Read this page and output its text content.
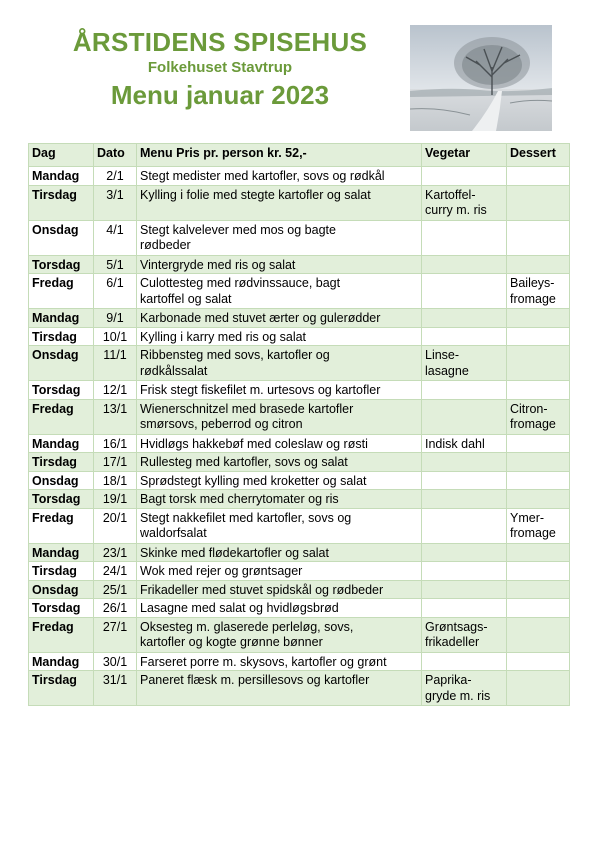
ÅRSTIDENS SPISEHUS
Folkehuset Stavtrup
Menu januar 2023
Dag	Dato	Menu Pris pr. person kr. 52,-	Vegetar	Dessert
Mandag	2/1	Stegt medister med kartofler, sovs og rødkål		
Tirsdag	3/1	Kylling i folie med stegte kartofler og salat	Kartoffel-
curry m. ris	
Onsdag	4/1	Stegt kalvelever med mos og bagte
rødbeder		
Torsdag	5/1	Vintergryde med ris og salat		
Fredag	6/1	Culottesteg med rødvinssauce, bagt
kartoffel og salat		Baileys-
fromage
Mandag	9/1	Karbonade med stuvet ærter og gulerødder		
Tirsdag	10/1	Kylling i karry med ris og salat		
Onsdag	11/1	Ribbensteg med sovs, kartofler og
rødkålssalat	Linse-
lasagne	
Torsdag	12/1	Frisk stegt fiskefilet m. urtesovs og kartofler		
Fredag	13/1	Wienerschnitzel med brasede kartofler
smørsovs, peberrod og citron		Citron-
fromage
Mandag	16/1	Hvidløgs hakkebøf med coleslaw og røsti	Indisk dahl	
Tirsdag	17/1	Rullesteg med kartofler, sovs og salat		
Onsdag	18/1	Sprødstegt kylling med kroketter og salat		
Torsdag	19/1	Bagt torsk med cherrytomater og ris		
Fredag	20/1	Stegt nakkefilet med kartofler, sovs og
waldorfsalat		Ymer-
fromage
Mandag	23/1	Skinke med flødekartofler og salat		
Tirsdag	24/1	Wok med rejer og grøntsager		
Onsdag	25/1	Frikadeller med stuvet spidskål og rødbeder		
Torsdag	26/1	Lasagne med salat og hvidløgsbrød		
Fredag	27/1	Oksesteg m. glaserede perleløg, sovs,
kartofler og kogte grønne bønner	Grøntsags-
frikadeller	
Mandag	30/1	Farseret porre m. skysovs, kartofler og grønt		
Tirsdag	31/1	Paneret flæsk m. persillesovs og kartofler	Paprika-
gryde m. ris	
